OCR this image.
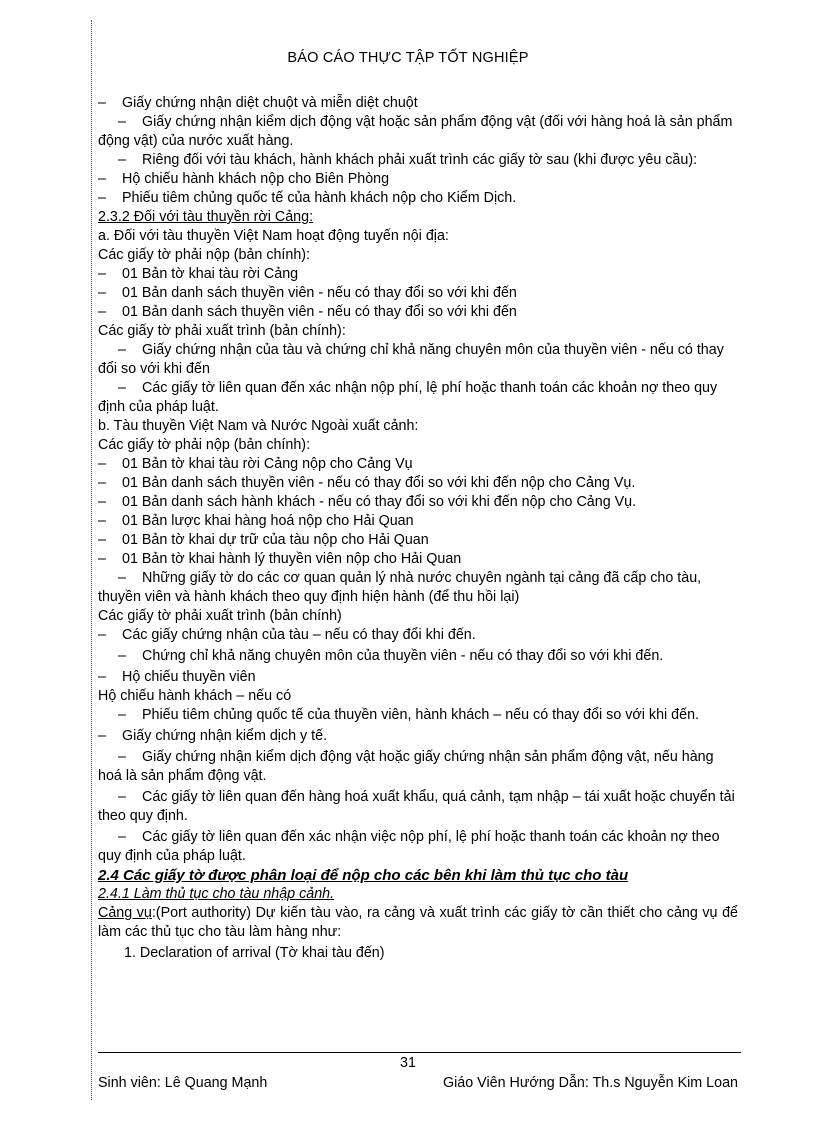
BÁO CÁO THỰC TẬP TỐT NGHIỆP
– Giấy chứng nhận diệt chuột và miễn diệt chuột
– Giấy chứng nhận kiểm dịch động vật hoặc sản phẩm động vật (đối với hàng hoá là sản phẩm động vật) của nước xuất hàng.
– Riêng đối với tàu khách, hành khách phải xuất trình các giấy tờ sau (khi được yêu cầu):
– Hộ chiếu hành khách nộp cho Biên Phòng
– Phiếu tiêm chủng quốc tế của hành khách nộp cho Kiểm Dịch.
2.3.2 Đối với tàu thuyền rời Cảng:
a. Đối với tàu thuyền Việt Nam hoạt động tuyến nội địa:
Các giấy tờ phải nộp (bản chính):
– 01 Bản tờ khai tàu rời Cảng
– 01 Bản danh sách thuyền viên - nếu có thay đổi so với khi đến
– 01 Bản danh sách thuyền viên - nếu có thay đổi so với khi đến
Các giấy tờ phải xuất trình (bản chính):
– Giấy chứng nhận của tàu và chứng chỉ khả năng chuyên môn của thuyền viên - nếu có thay đổi so với khi đến
– Các giấy tờ liên quan đến xác nhận nộp phí, lệ phí hoặc thanh toán các khoản nợ theo quy định của pháp luật.
b. Tàu thuyền Việt Nam và Nước Ngoài xuất cảnh:
Các giấy tờ phải nộp (bản chính):
– 01 Bản tờ khai tàu rời Cảng nộp cho Cảng Vụ
– 01 Bản danh sách thuyền viên - nếu có thay đổi so với khi đến nộp cho Cảng Vụ.
– 01 Bản danh sách hành khách - nếu có thay đổi so với khi đến nộp cho Cảng Vụ.
– 01 Bản lược khai hàng hoá nộp cho Hải Quan
– 01 Bản tờ khai dự trữ của tàu nộp cho Hải Quan
– 01 Bản tờ khai hành lý thuyền viên nộp cho Hải Quan
– Những giấy tờ do các cơ quan quản lý nhà nước chuyên ngành tại cảng đã cấp cho tàu, thuyền viên và hành khách theo quy định hiện hành (để thu hồi lại)
Các giấy tờ phải xuất trình (bản chính)
– Các giấy chứng nhận của tàu – nếu có thay đổi khi đến.
– Chứng chỉ khả năng chuyên môn của thuyền viên - nếu có thay đổi so với khi đến.
– Hộ chiếu thuyền viên
Hộ chiếu hành khách – nếu có
– Phiếu tiêm chủng quốc tế của thuyền viên, hành khách – nếu có thay đổi so với khi đến.
– Giấy chứng nhận kiểm dịch y tế.
– Giấy chứng nhận kiểm dịch động vật hoặc giấy chứng nhận sản phẩm động vật, nếu hàng hoá là sản phẩm động vật.
– Các giấy tờ liên quan đến hàng hoá xuất khẩu, quá cảnh, tạm nhập – tái xuất hoặc chuyển tải theo quy định.
– Các giấy tờ liên quan đến xác nhận việc nộp phí, lệ phí hoặc thanh toán các khoản nợ theo quy định của pháp luật.
2.4 Các giấy tờ được phân loại để nộp cho các bên khi làm thủ tục cho tàu
2.4.1 Làm thủ tục cho tàu nhập cảnh.
Cảng vụ:(Port authority) Dự kiến tàu vào, ra cảng và xuất trình các giấy tờ cần thiết cho cảng vụ để làm các thủ tục cho tàu làm hàng như:
1. Declaration of arrival (Tờ khai tàu đến)
31
Sinh viên: Lê Quang Mạnh	Giáo Viên Hướng Dẫn: Th.s Nguyễn Kim Loan
